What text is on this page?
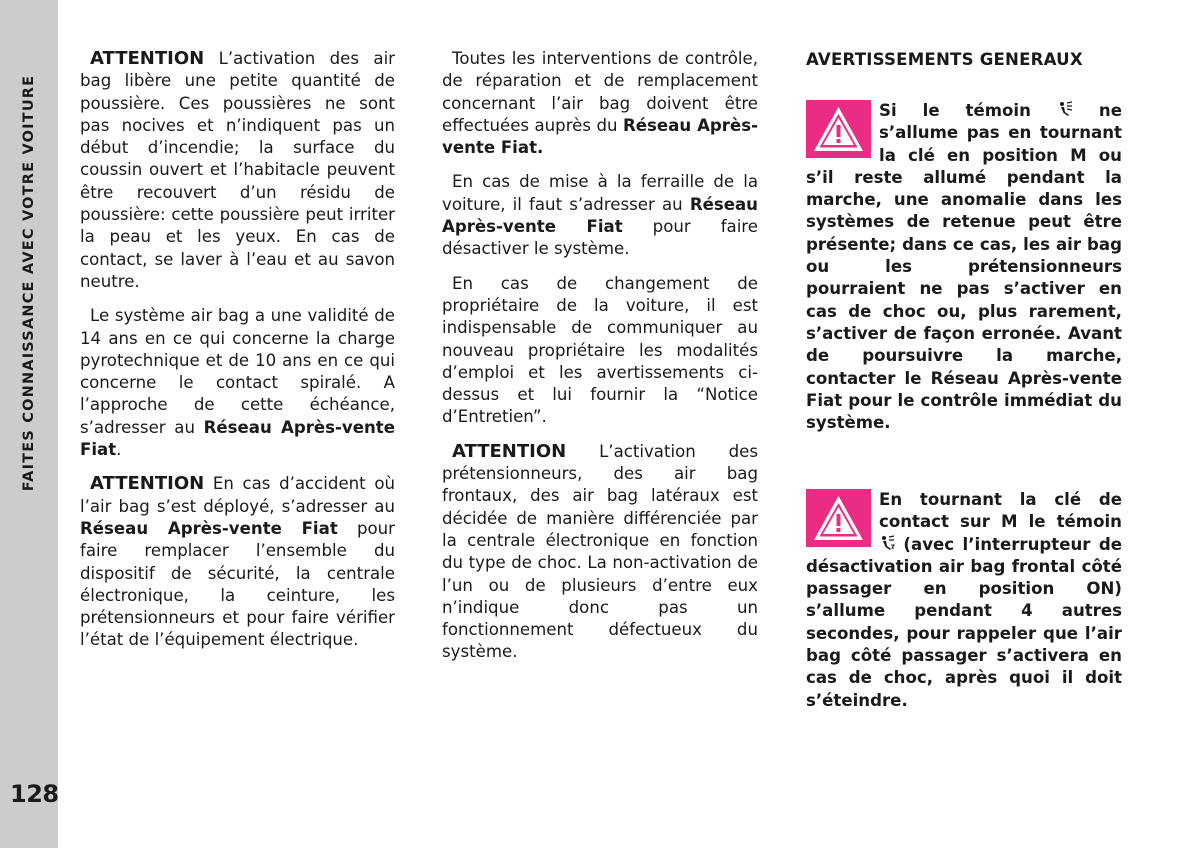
FAITES CONNAISSANCE AVEC VOTRE VOITURE
128

ATTENTION L’activation des air bag libère une petite quantité de poussière. Ces poussières ne sont pas nocives et n’indiquent pas un début d’incendie; la surface du coussin ouvert et l’habitacle peuvent être recouvert d’un résidu de poussière: cette poussière peut irriter la peau et les yeux. En cas de contact, se laver à l’eau et au savon neutre.

Le système air bag a une validité de 14 ans en ce qui concerne la charge pyrotechnique et de 10 ans en ce qui concerne le contact spiralé. A l’approche de cette échéance, s’adresser au Réseau Après-vente Fiat.

ATTENTION En cas d’accident où l’air bag s’est déployé, s’adresser au Réseau Après-vente Fiat pour faire remplacer l’ensemble du dispositif de sécurité, la centrale électronique, la ceinture, les prétensionneurs et pour faire vérifier l’état de l’équipement électrique.

Toutes les interventions de contrôle, de réparation et de remplacement concernant l’air bag doivent être effectuées auprès du Réseau Après-vente Fiat.

En cas de mise à la ferraille de la voiture, il faut s’adresser au Réseau Après-vente Fiat pour faire désactiver le système.

En cas de changement de propriétaire de la voiture, il est indispensable de communiquer au nouveau propriétaire les modalités d’emploi et les avertissements ci-dessus et lui fournir la “Notice d’Entretien”.

ATTENTION L’activation des prétensionneurs, des air bag frontaux, des air bag latéraux est décidée de manière différenciée par la centrale électronique en fonction du type de choc. La non-activation de l’un ou de plusieurs d’entre eux n’indique donc pas un fonctionnement défectueux du système.

AVERTISSEMENTS GENERAUX
Si le témoin  ne s’allume pas en tournant la clé en position M ou s’il reste allumé pendant la marche, une anomalie dans les systèmes de retenue peut être présente; dans ce cas, les air bag ou les prétensionneurs pourraient ne pas s’activer en cas de choc ou, plus rarement, s’activer de façon erronée. Avant de poursuivre la marche, contacter le Réseau Après-vente Fiat pour le contrôle immédiat du système.
En tournant la clé de contact sur M le témoin  (avec l’interrupteur de désactivation air bag frontal côté passager en position ON) s’allume pendant 4 autres secondes, pour rappeler que l’air bag côté passager s’activera en cas de choc, après quoi il doit s’éteindre.
